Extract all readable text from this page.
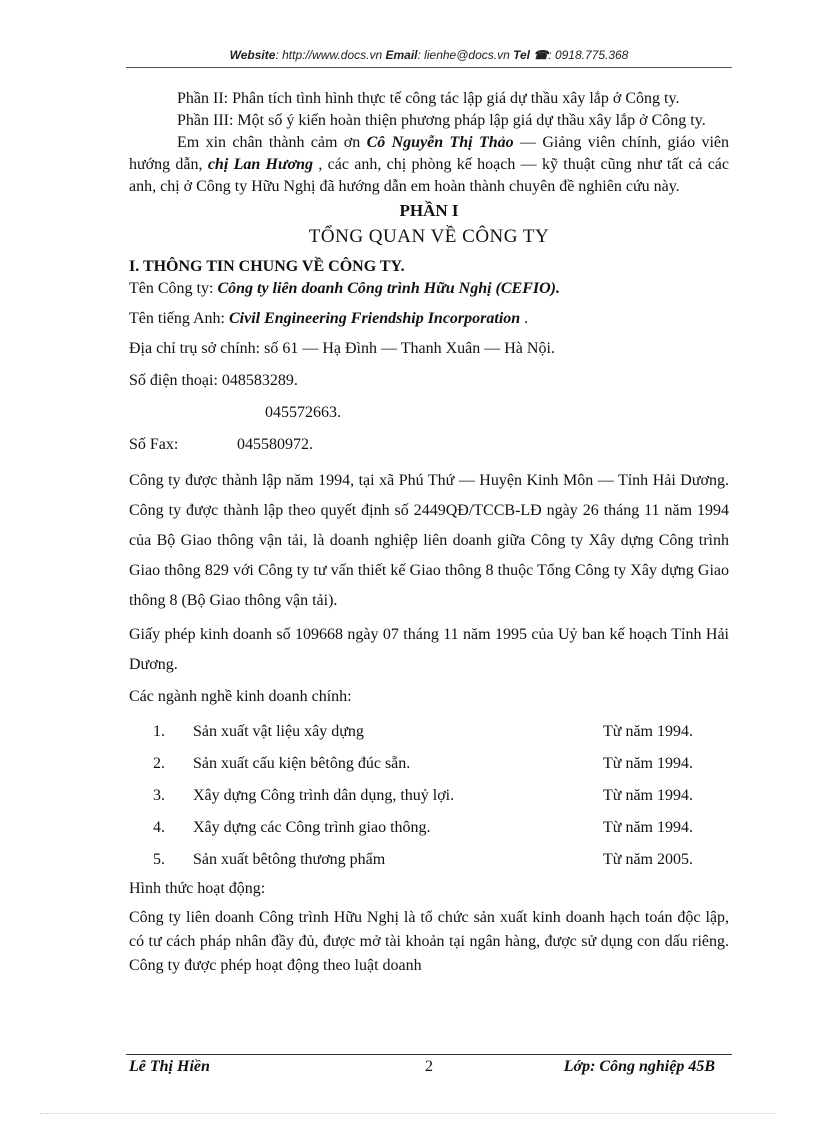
Website: http://www.docs.vn Email: lienhe@docs.vn Tel ☎: 0918.775.368

Phần II: Phân tích tình hình thực tế công tác lập giá dự thầu xây lắp ở Công ty.

Phần III: Một số ý kiến hoàn thiện phương pháp lập giá dự thầu xây lắp ở Công ty.

Em xin chân thành cảm ơn Cô Nguyễn Thị Thảo — Giảng viên chính, giáo viên hướng dẫn, chị Lan Hương , các anh, chị phòng kế hoạch — kỹ thuật cũng như tất cả các anh, chị ở Công ty Hữu Nghị đã hướng dẫn em hoàn thành chuyên đề nghiên cứu này.

PHẦN I

TỔNG QUAN VỀ CÔNG TY

I. THÔNG TIN CHUNG VỀ CÔNG TY.

Tên Công ty: Công ty liên doanh Công trình Hữu Nghị (CEFIO).

Tên tiếng Anh: Civil Engineering Friendship Incorporation .

Địa chỉ trụ sở chính: số 61 — Hạ Đình — Thanh Xuân — Hà Nội.

Số điện thoại: 048583289.

045572663.

Số Fax:	045580972.

Công ty được thành lập năm 1994, tại xã Phú Thứ — Huyện Kinh Môn — Tỉnh Hải Dương. Công ty được thành lập theo quyết định số 2449QĐ/TCCB-LĐ ngày 26 tháng 11 năm 1994 của Bộ Giao thông vận tải, là doanh nghiệp liên doanh giữa Công ty Xây dựng Công trình Giao thông 829 với Công ty tư vấn thiết kế Giao thông 8 thuộc Tổng Công ty Xây dựng Giao thông 8 (Bộ Giao thông vận tải).

Giấy phép kinh doanh số 109668 ngày 07 tháng 11 năm 1995 của Uỷ ban kế hoạch Tỉnh Hải Dương.

Các ngành nghề kinh doanh chính:

1.	Sản xuất vật liệu xây dựng	Từ năm 1994.
2.	Sản xuất cấu kiện bêtông đúc sẵn.	Từ năm 1994.
3.	Xây dựng Công trình dân dụng, thuỷ lợi.	Từ năm 1994.
4.	Xây dựng các Công trình giao thông.	Từ năm 1994.
5.	Sản xuất bêtông thương phẩm	Từ năm 2005.

Hình thức hoạt động:

Công ty liên doanh Công trình Hữu Nghị là tổ chức sản xuất kinh doanh hạch toán độc lập, có tư cách pháp nhân đầy đủ, được mở tài khoản tại ngân hàng, được sử dụng con dấu riêng. Công ty được phép hoạt động theo luật doanh

Lê Thị Hiền	2	Lớp: Công nghiệp 45B
